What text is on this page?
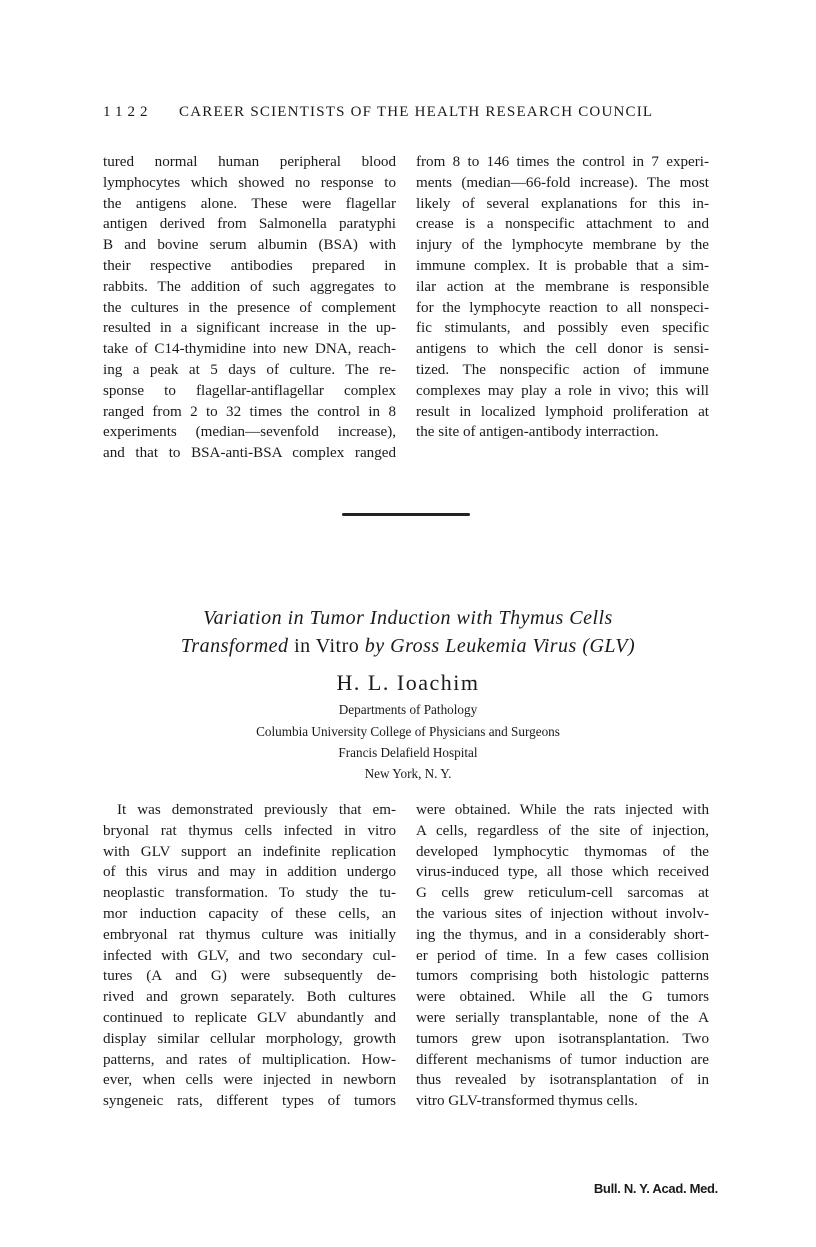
1122 CAREER SCIENTISTS OF THE HEALTH RESEARCH COUNCIL
tured normal human peripheral blood
lymphocytes which showed no response to
the antigens alone. These were flagellar
antigen derived from Salmonella paratyphi
B and bovine serum albumin (BSA) with
their respective antibodies prepared in
rabbits. The addition of such aggregates to
the cultures in the presence of complement
resulted in a significant increase in the up-
take of C14-thymidine into new DNA, reach-
ing a peak at 5 days of culture. The re-
sponse to flagellar-antiflagellar complex
ranged from 2 to 32 times the control in 8
experiments (median—sevenfold increase),
and that to BSA-anti-BSA complex ranged
from 8 to 146 times the control in 7 experi-
ments (median—66-fold increase). The most
likely of several explanations for this in-
crease is a nonspecific attachment to and
injury of the lymphocyte membrane by the
immune complex. It is probable that a sim-
ilar action at the membrane is responsible
for the lymphocyte reaction to all nonspeci-
fic stimulants, and possibly even specific
antigens to which the cell donor is sensi-
tized. The nonspecific action of immune
complexes may play a role in vivo; this will
result in localized lymphoid proliferation at
the site of antigen-antibody interraction.
Variation in Tumor Induction with Thymus Cells
Transformed in Vitro by Gross Leukemia Virus (GLV)
H. L. Ioachim
Departments of Pathology
Columbia University College of Physicians and Surgeons
Francis Delafield Hospital
New York, N. Y.
It was demonstrated previously that em-
bryonal rat thymus cells infected in vitro
with GLV support an indefinite replication
of this virus and may in addition undergo
neoplastic transformation. To study the tu-
mor induction capacity of these cells, an
embryonal rat thymus culture was initially
infected with GLV, and two secondary cul-
tures (A and G) were subsequently de-
rived and grown separately. Both cultures
continued to replicate GLV abundantly and
display similar cellular morphology, growth
patterns, and rates of multiplication. How-
ever, when cells were injected in newborn
syngeneic rats, different types of tumors
were obtained. While the rats injected with
A cells, regardless of the site of injection,
developed lymphocytic thymomas of the
virus-induced type, all those which received
G cells grew reticulum-cell sarcomas at
the various sites of injection without involv-
ing the thymus, and in a considerably short-
er period of time. In a few cases collision
tumors comprising both histologic patterns
were obtained. While all the G tumors
were serially transplantable, none of the A
tumors grew upon isotransplantation. Two
different mechanisms of tumor induction are
thus revealed by isotransplantation of in
vitro GLV-transformed thymus cells.
Bull. N. Y. Acad. Med.
